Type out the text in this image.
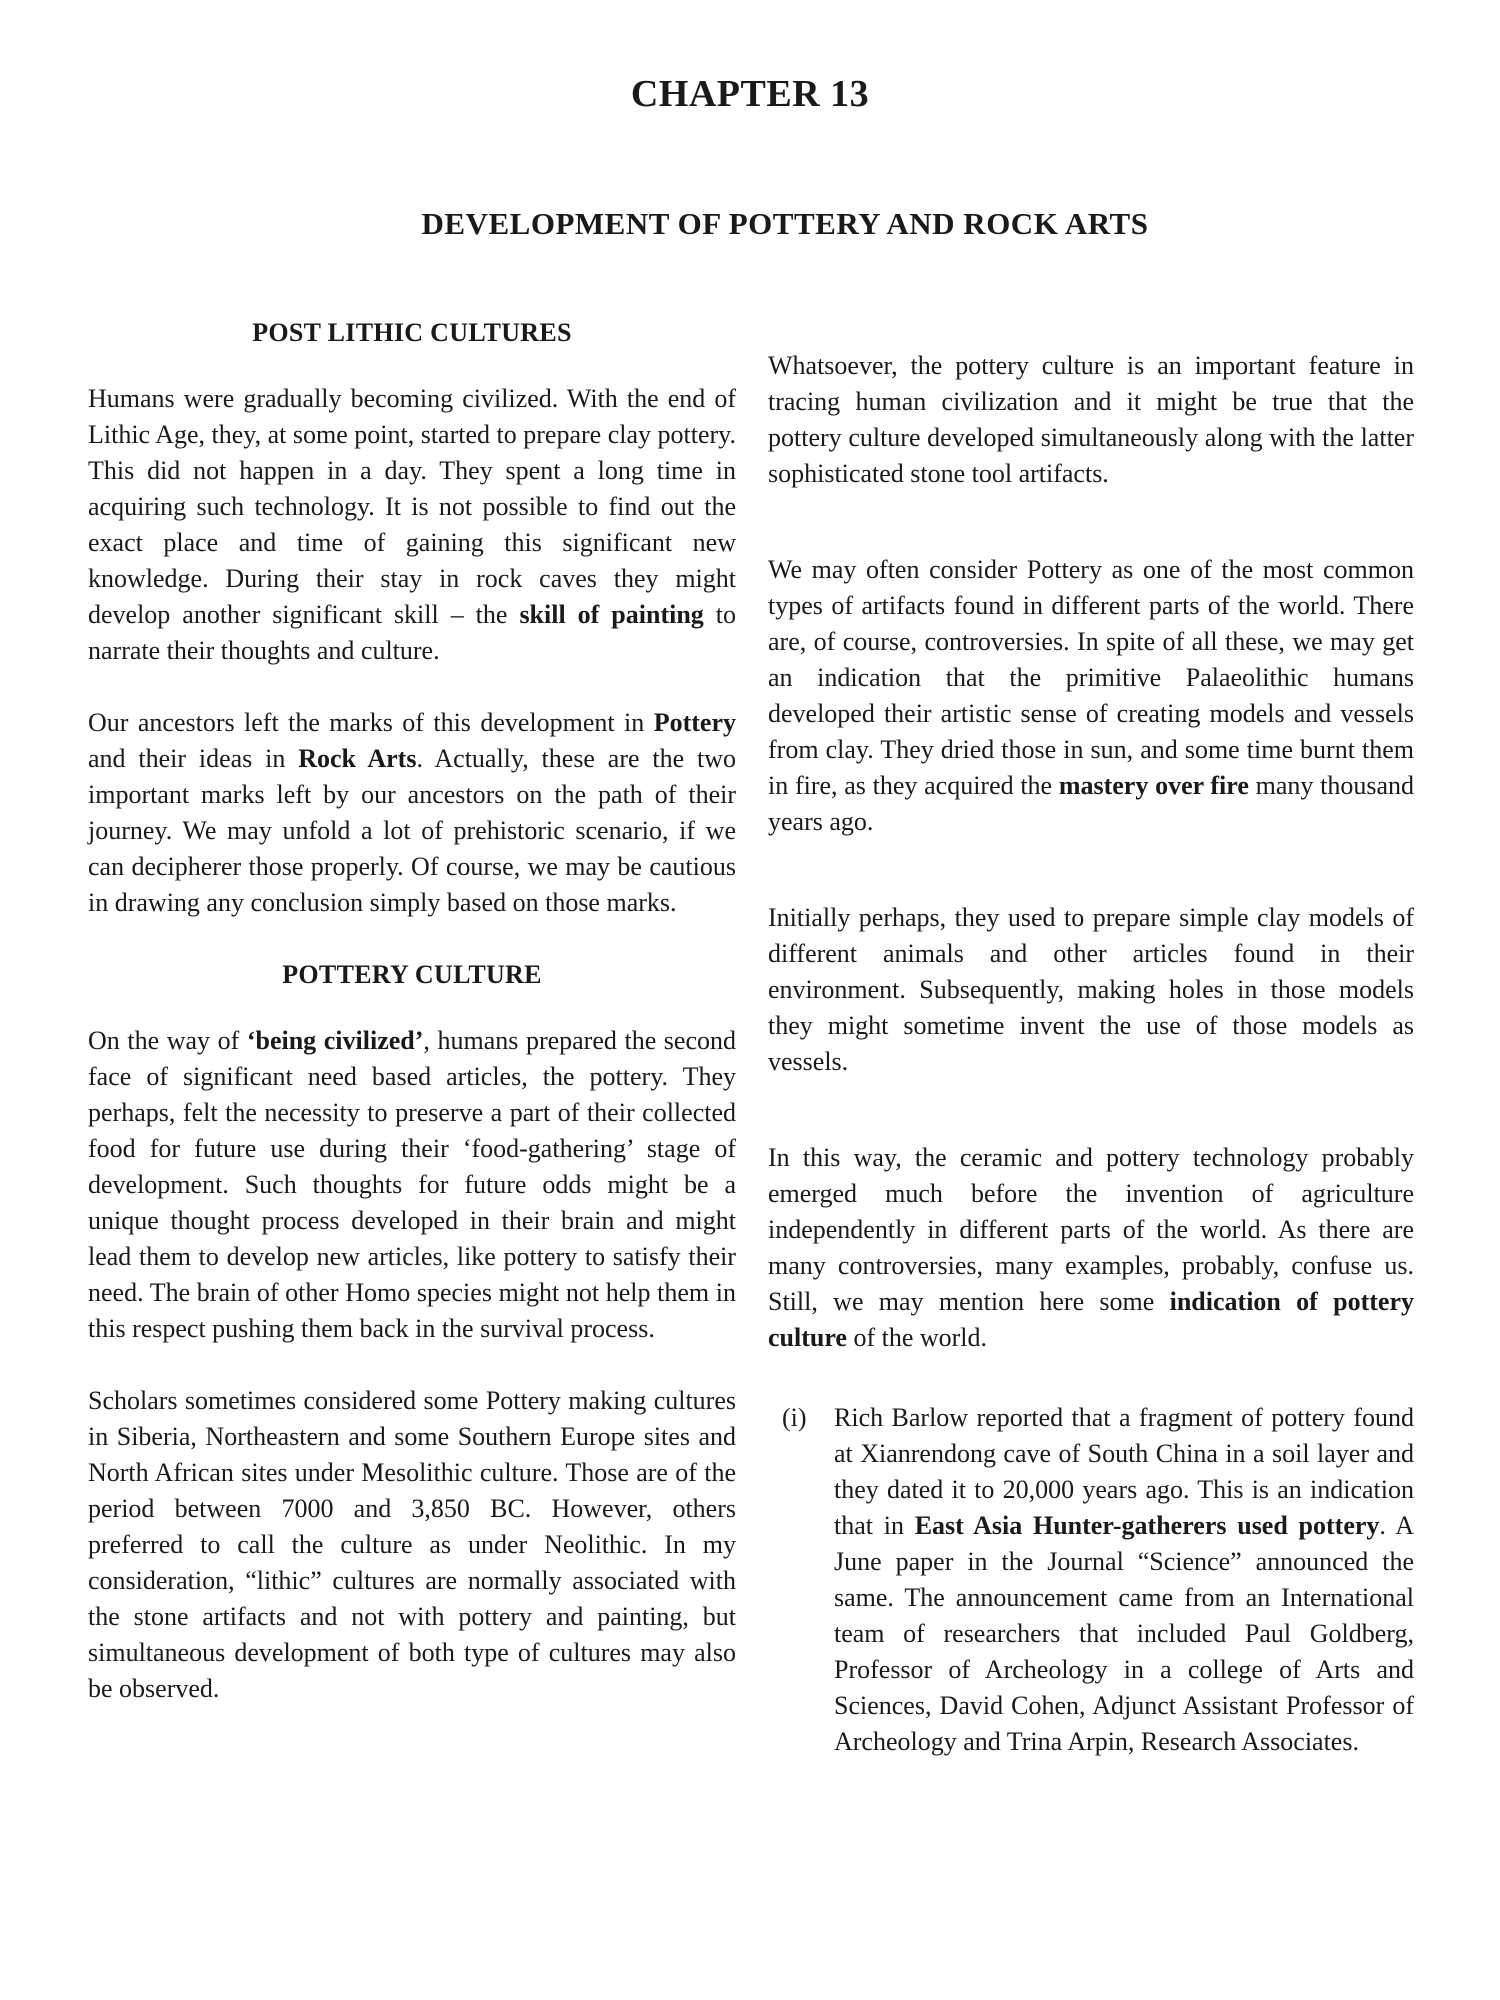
CHAPTER 13
DEVELOPMENT OF POTTERY AND ROCK ARTS
POST LITHIC CULTURES

Humans were gradually becoming civilized. With the end of Lithic Age, they, at some point, started to prepare clay pottery. This did not happen in a day. They spent a long time in acquiring such technology. It is not possible to find out the exact place and time of gaining this significant new knowledge. During their stay in rock caves they might develop another significant skill – the skill of painting to narrate their thoughts and culture.

Our ancestors left the marks of this development in Pottery and their ideas in Rock Arts. Actually, these are the two important marks left by our ancestors on the path of their journey. We may unfold a lot of prehistoric scenario, if we can decipherer those properly. Of course, we may be cautious in drawing any conclusion simply based on those marks.

POTTERY CULTURE

On the way of ‘being civilized’, humans prepared the second face of significant need based articles, the pottery. They perhaps, felt the necessity to preserve a part of their collected food for future use during their ‘food-gathering’ stage of development. Such thoughts for future odds might be a unique thought process developed in their brain and might lead them to develop new articles, like pottery to satisfy their need. The brain of other Homo species might not help them in this respect pushing them back in the survival process.

Scholars sometimes considered some Pottery making cultures in Siberia, Northeastern and some Southern Europe sites and North African sites under Mesolithic culture. Those are of the period between 7000 and 3,850 BC. However, others preferred to call the culture as under Neolithic. In my consideration, “lithic” cultures are normally associated with the stone artifacts and not with pottery and painting, but simultaneous development of both type of cultures may also be observed.

Whatsoever, the pottery culture is an important feature in tracing human civilization and it might be true that the pottery culture developed simultaneously along with the latter sophisticated stone tool artifacts.

We may often consider Pottery as one of the most common types of artifacts found in different parts of the world. There are, of course, controversies. In spite of all these, we may get an indication that the primitive Palaeolithic humans developed their artistic sense of creating models and vessels from clay. They dried those in sun, and some time burnt them in fire, as they acquired the mastery over fire many thousand years ago.

Initially perhaps, they used to prepare simple clay models of different animals and other articles found in their environment. Subsequently, making holes in those models they might sometime invent the use of those models as vessels.

In this way, the ceramic and pottery technology probably emerged much before the invention of agriculture independently in different parts of the world. As there are many controversies, many examples, probably, confuse us. Still, we may mention here some indication of pottery culture of the world.

(i)	Rich Barlow reported that a fragment of pottery found at Xianrendong cave of South China in a soil layer and they dated it to 20,000 years ago. This is an indication that in East Asia Hunter-gatherers used pottery. A June paper in the Journal “Science” announced the same. The announcement came from an International team of researchers that included Paul Goldberg, Professor of Archeology in a college of Arts and Sciences, David Cohen, Adjunct Assistant Professor of Archeology and Trina Arpin, Research Associates.
